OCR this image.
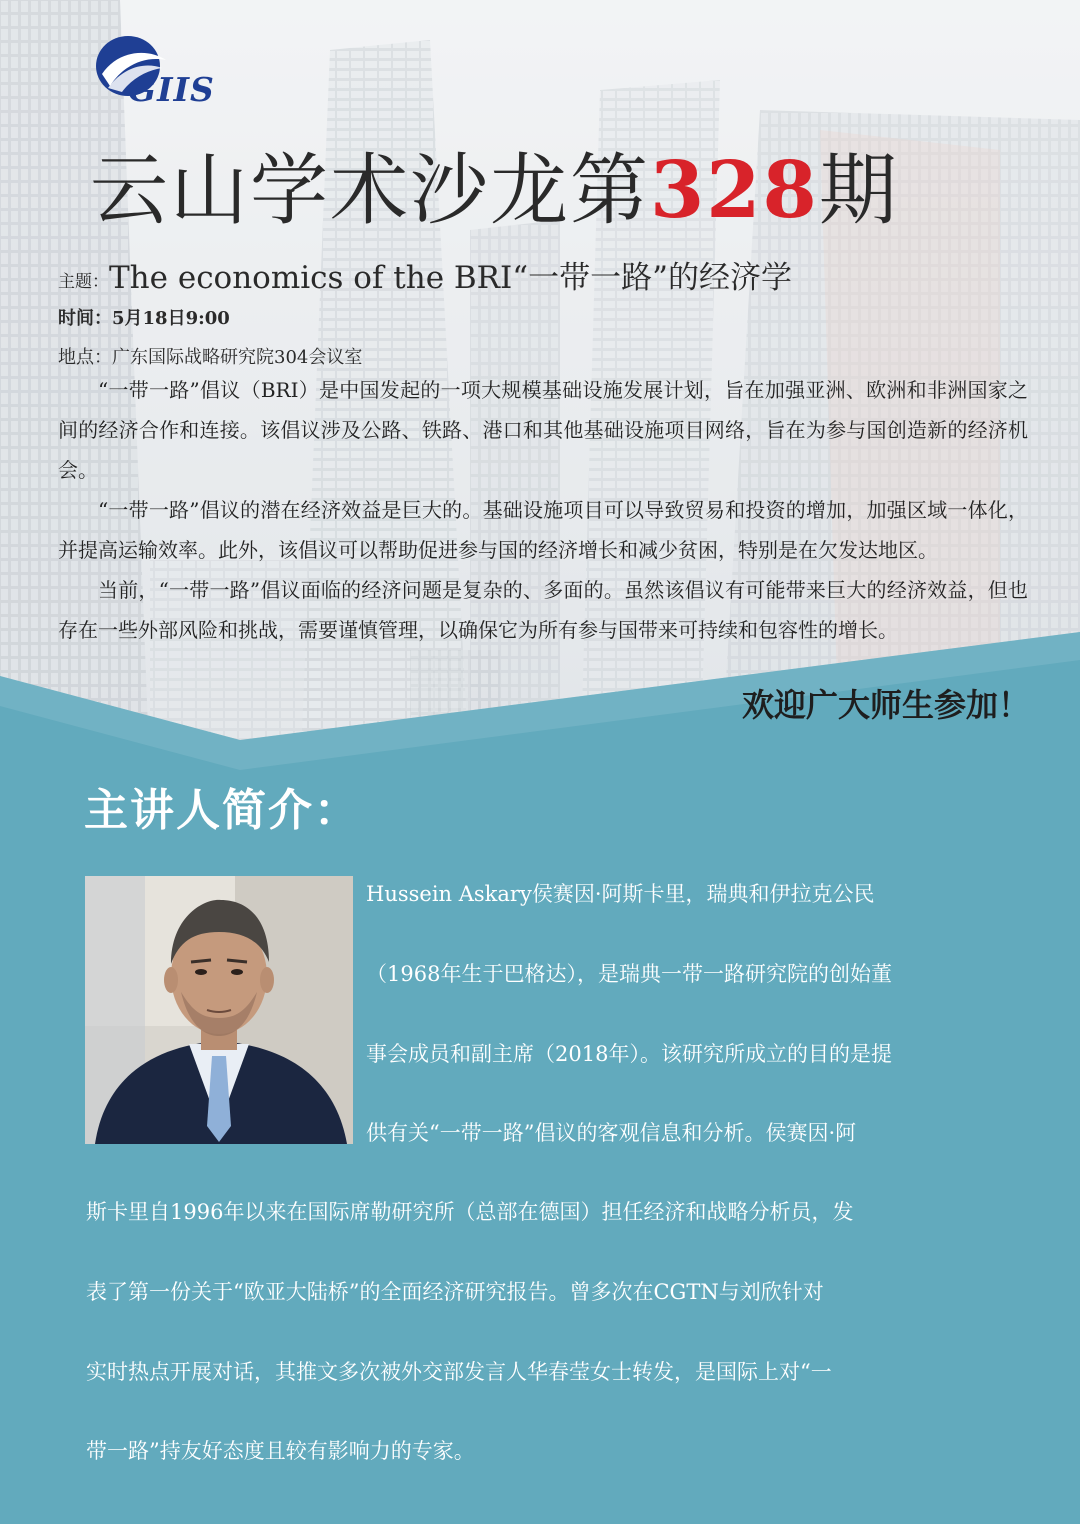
GIIS
云山学术沙龙第328期
主题：The economics of the BRI“一带一路”的经济学
时间：5月18日9:00
地点：广东国际战略研究院304会议室

“一带一路”倡议（BRI）是中国发起的一项大规模基础设施发展计划，旨在加强亚洲、欧洲和非洲国家之间的经济合作和连接。该倡议涉及公路、铁路、港口和其他基础设施项目网络，旨在为参与国创造新的经济机会。

“一带一路”倡议的潜在经济效益是巨大的。基础设施项目可以导致贸易和投资的增加，加强区域一体化，并提高运输效率。此外，该倡议可以帮助促进参与国的经济增长和减少贫困，特别是在欠发达地区。

当前，“一带一路”倡议面临的经济问题是复杂的、多面的。虽然该倡议有可能带来巨大的经济效益，但也存在一些外部风险和挑战，需要谨慎管理，以确保它为所有参与国带来可持续和包容性的增长。

欢迎广大师生参加！
主讲人简介：
Hussein Askary侯赛因·阿斯卡里，瑞典和伊拉克公民
（1968年生于巴格达），是瑞典一带一路研究院的创始董
事会成员和副主席（2018年）。该研究所成立的目的是提
供有关“一带一路”倡议的客观信息和分析。侯赛因·阿
斯卡里自1996年以来在国际席勒研究所（总部在德国）担任经济和战略分析员，发
表了第一份关于“欧亚大陆桥”的全面经济研究报告。曾多次在CGTN与刘欣针对
实时热点开展对话，其推文多次被外交部发言人华春莹女士转发，是国际上对“一
带一路”持友好态度且较有影响力的专家。
